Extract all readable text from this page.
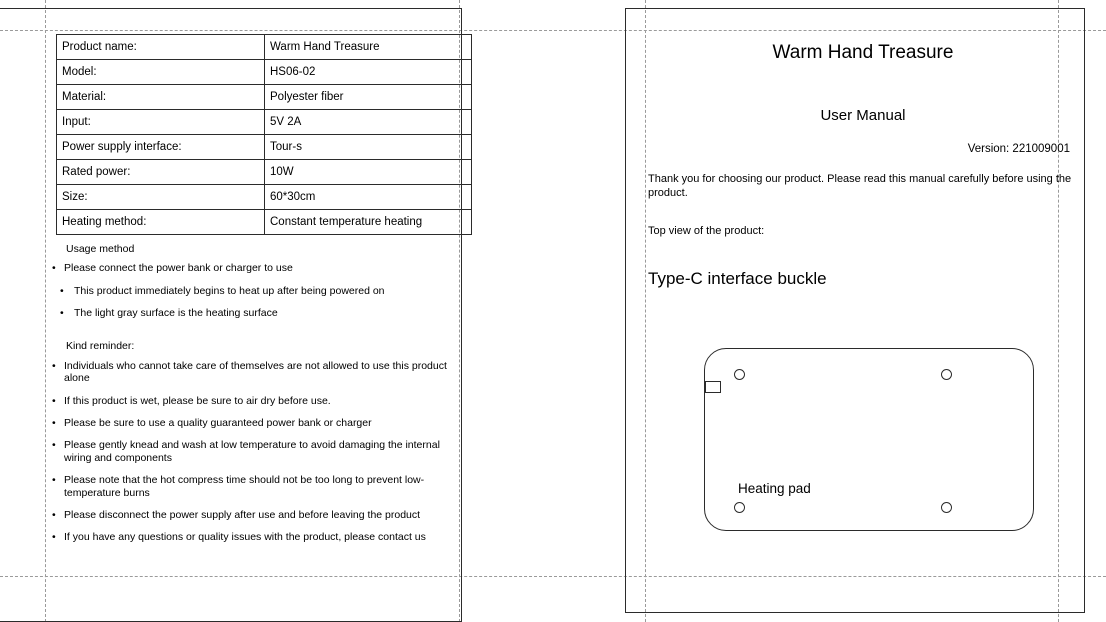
Product name:	Warm Hand Treasure
Model:	HS06-02
Material:	Polyester fiber
Input:	5V 2A
Power supply interface:	Tour-s
Rated power:	10W
Size:	60*30cm
Heating method:	Constant temperature heating

Usage method

• Please connect the power bank or charger to use

• This product immediately begins to heat up after being powered on

• The light gray surface is the heating surface

Kind reminder:

• Individuals who cannot take care of themselves are not allowed to use this product alone

• If this product is wet, please be sure to air dry before use.

• Please be sure to use a quality guaranteed power bank or charger

• Please gently knead and wash at low temperature to avoid damaging the internal wiring and components

• Please note that the hot compress time should not be too long to prevent low-temperature burns

• Please disconnect the power supply after use and before leaving the product

• If you have any questions or quality issues with the product, please contact us

Warm Hand Treasure
User Manual
Version: 221009001
Thank you for choosing our product. Please read this manual carefully before using the product.
Top view of the product:
Type-C interface buckle
Heating pad
